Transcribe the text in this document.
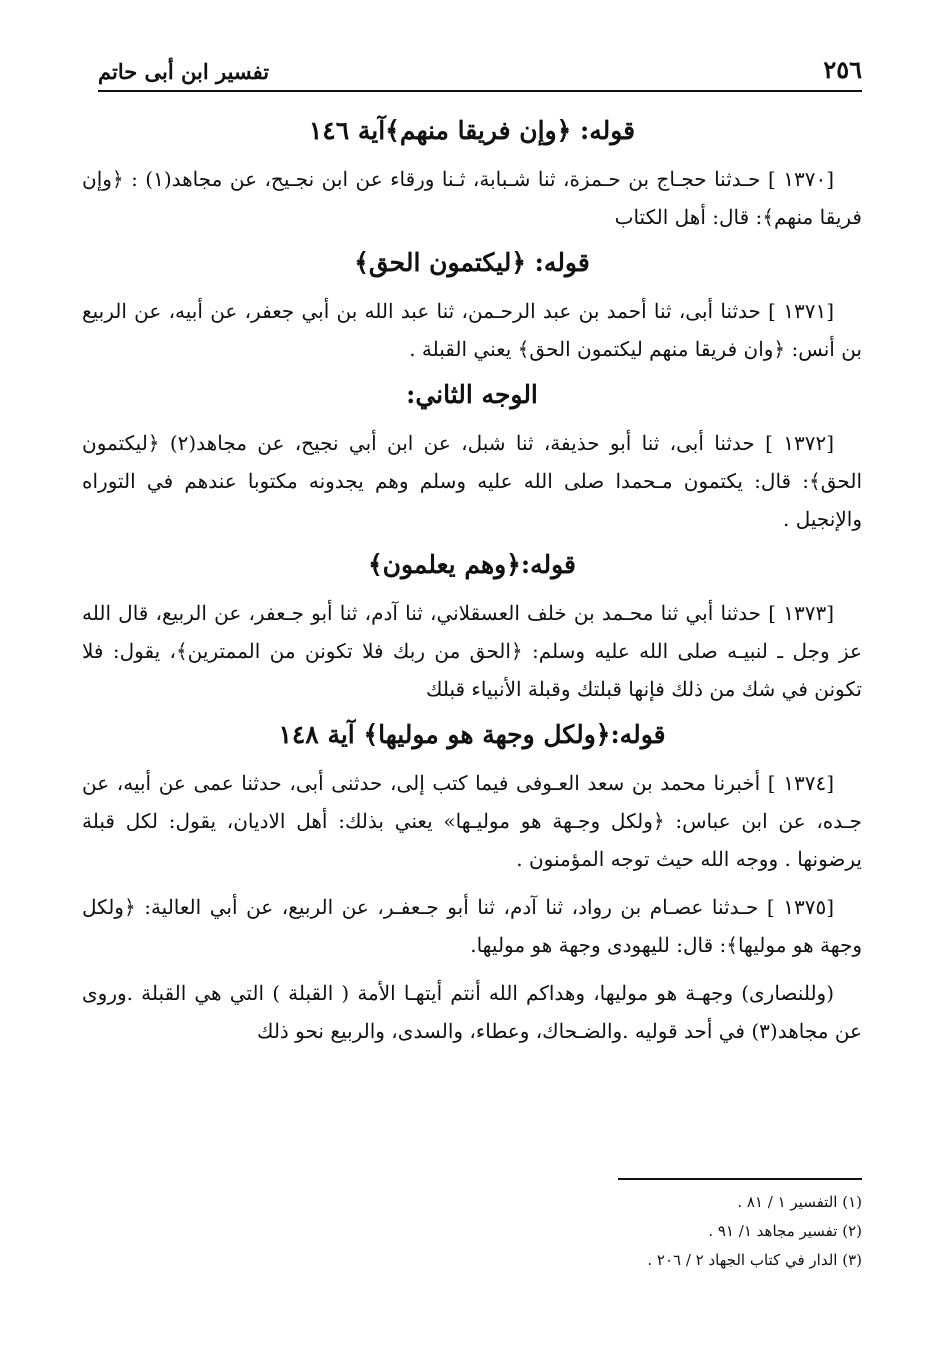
تفسير ابن أبى حاتم	٢٥٦
قوله: ﴿وإن فريقا منهم﴾آية ١٤٦

[١٣٧٠ ] حـدثنا حجـاج بن حـمزة، ثنا شـبابة، ثـنا ورقاء عن ابن نجـيح، عن مجاهد(١) : ﴿وإن فريقا منهم﴾: قال: أهل الكتاب

قوله: ﴿ليكتمون الحق﴾

[١٣٧١ ] حدثنا أبى، ثنا أحمد بن عبد الرحـمن، ثنا عبد الله بن أبي جعفر، عن أبيه، عن الربيع بن أنس: ﴿وان فريقا منهم ليكتمون الحق﴾ يعني القبلة .

الوجه الثاني:

[١٣٧٢ ] حدثنا أبى، ثنا أبو حذيفة، ثنا شبل، عن ابن أبي نجيح، عن مجاهد(٢) ﴿ليكتمون الحق﴾: قال: يكتمون مـحمدا صلى الله عليه وسلم وهم يجدونه مكتوبا عندهم في التوراه والإنجيل .

قوله:﴿وهم يعلمون﴾

[١٣٧٣ ] حدثنا أبي ثنا محـمد بن خلف العسقلاني، ثنا آدم، ثنا أبو جـعفر، عن الربيع، قال الله عز وجل ـ لنبيـه صلى الله عليه وسلم: ﴿الحق من ربك فلا تكونن من الممترين﴾، يقول: فلا تكونن في شك من ذلك فإنها قبلتك وقبلة الأنبياء قبلك

قوله:﴿ولكل وجهة هو موليها﴾ آية ١٤٨

[١٣٧٤ ] أخبرنا محمد بن سعد العـوفى فيما كتب إلى، حدثنى أبى، حدثنا عمى عن أبيه، عن جـده، عن ابن عباس: ﴿ولكل وجـهة هو موليـها» يعني بذلك: أهل الاديان، يقول: لكل قبلة يرضونها . ووجه الله حيث توجه المؤمنون .

[١٣٧٥ ] حـدثنا عصـام بن رواد، ثنا آدم، ثنا أبو جـعفـر، عن الربيع، عن أبي العالية: ﴿ولكل وجهة هو موليها﴾: قال: لليهودى وجهة هو موليها.

(وللنصارى) وجهـة هو موليها، وهداكم الله أنتم أيتهـا الأمة ( القبلة ) التي هي القبلة .وروى عن مجاهد(٣) في أحد قوليه .والضـحاك، وعطاء، والسدى، والربيع نحو ذلك

(١) التفسير ١ / ٨١ .

(٢) تفسير مجاهد ١/ ٩١ .

(٣) الدار في كتاب الجهاد ٢ / ٢٠٦ .
